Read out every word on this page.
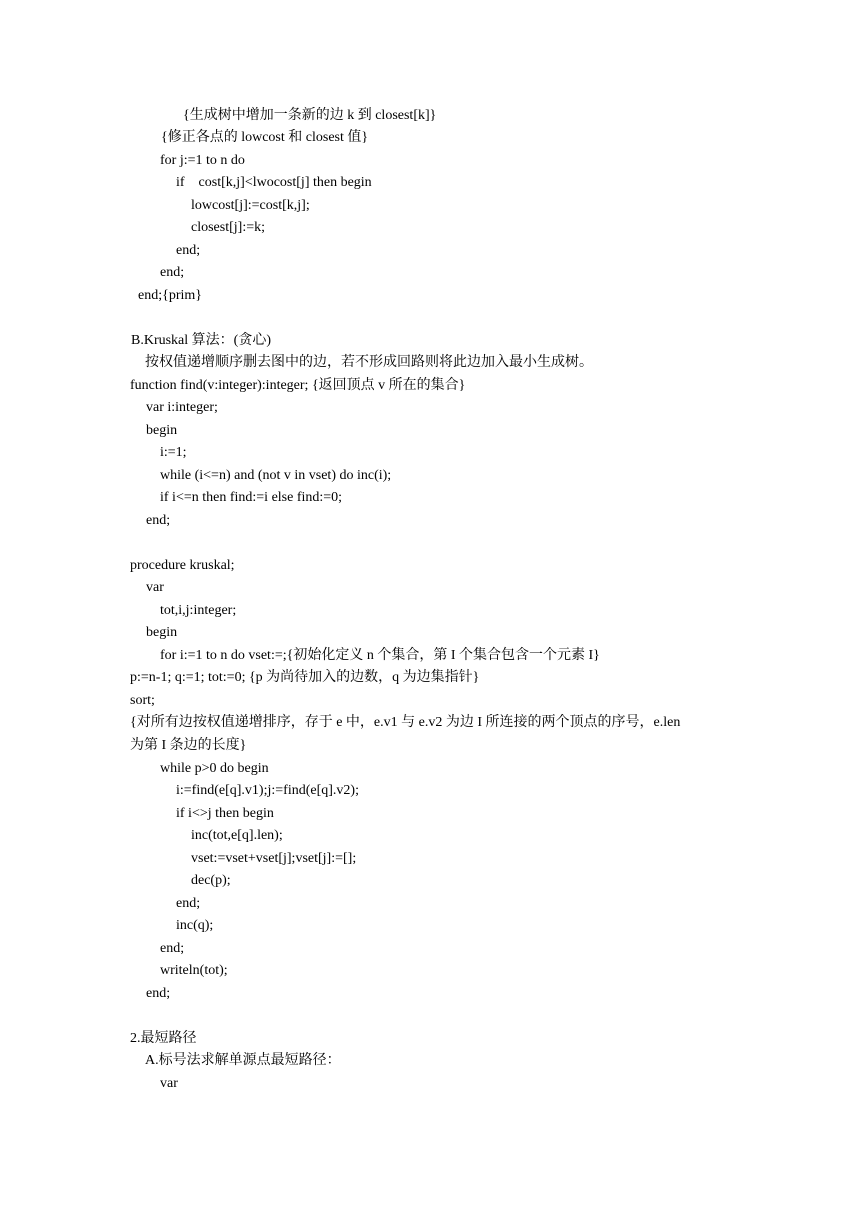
{生成树中增加一条新的边 k 到 closest[k]}
{修正各点的 lowcost 和 closest 值}
for j:=1 to n do
if    cost[k,j]<lwocost[j] then begin
lowcost[j]:=cost[k,j];
closest[j]:=k;
end;
end;
end;{prim}
B.Kruskal 算法：(贪心)
按权值递增顺序删去图中的边，若不形成回路则将此边加入最小生成树。
function find(v:integer):integer; {返回顶点 v 所在的集合}
var i:integer;
begin
i:=1;
while (i<=n) and (not v in vset) do inc(i);
if i<=n then find:=i else find:=0;
end;
procedure kruskal;
var
tot,i,j:integer;
begin
for i:=1 to n do vset:=;{初始化定义 n 个集合，第 I 个集合包含一个元素 I}
p:=n-1; q:=1; tot:=0; {p 为尚待加入的边数，q 为边集指针}
sort;
{对所有边按权值递增排序，存于 e 中，e.v1 与 e.v2 为边 I 所连接的两个顶点的序号，e.len
为第 I 条边的长度}
while p>0 do begin
i:=find(e[q].v1);j:=find(e[q].v2);
if i<>j then begin
inc(tot,e[q].len);
vset:=vset+vset[j];vset[j]:=[];
dec(p);
end;
inc(q);
end;
writeln(tot);
end;
2.最短路径
A.标号法求解单源点最短路径：
var
